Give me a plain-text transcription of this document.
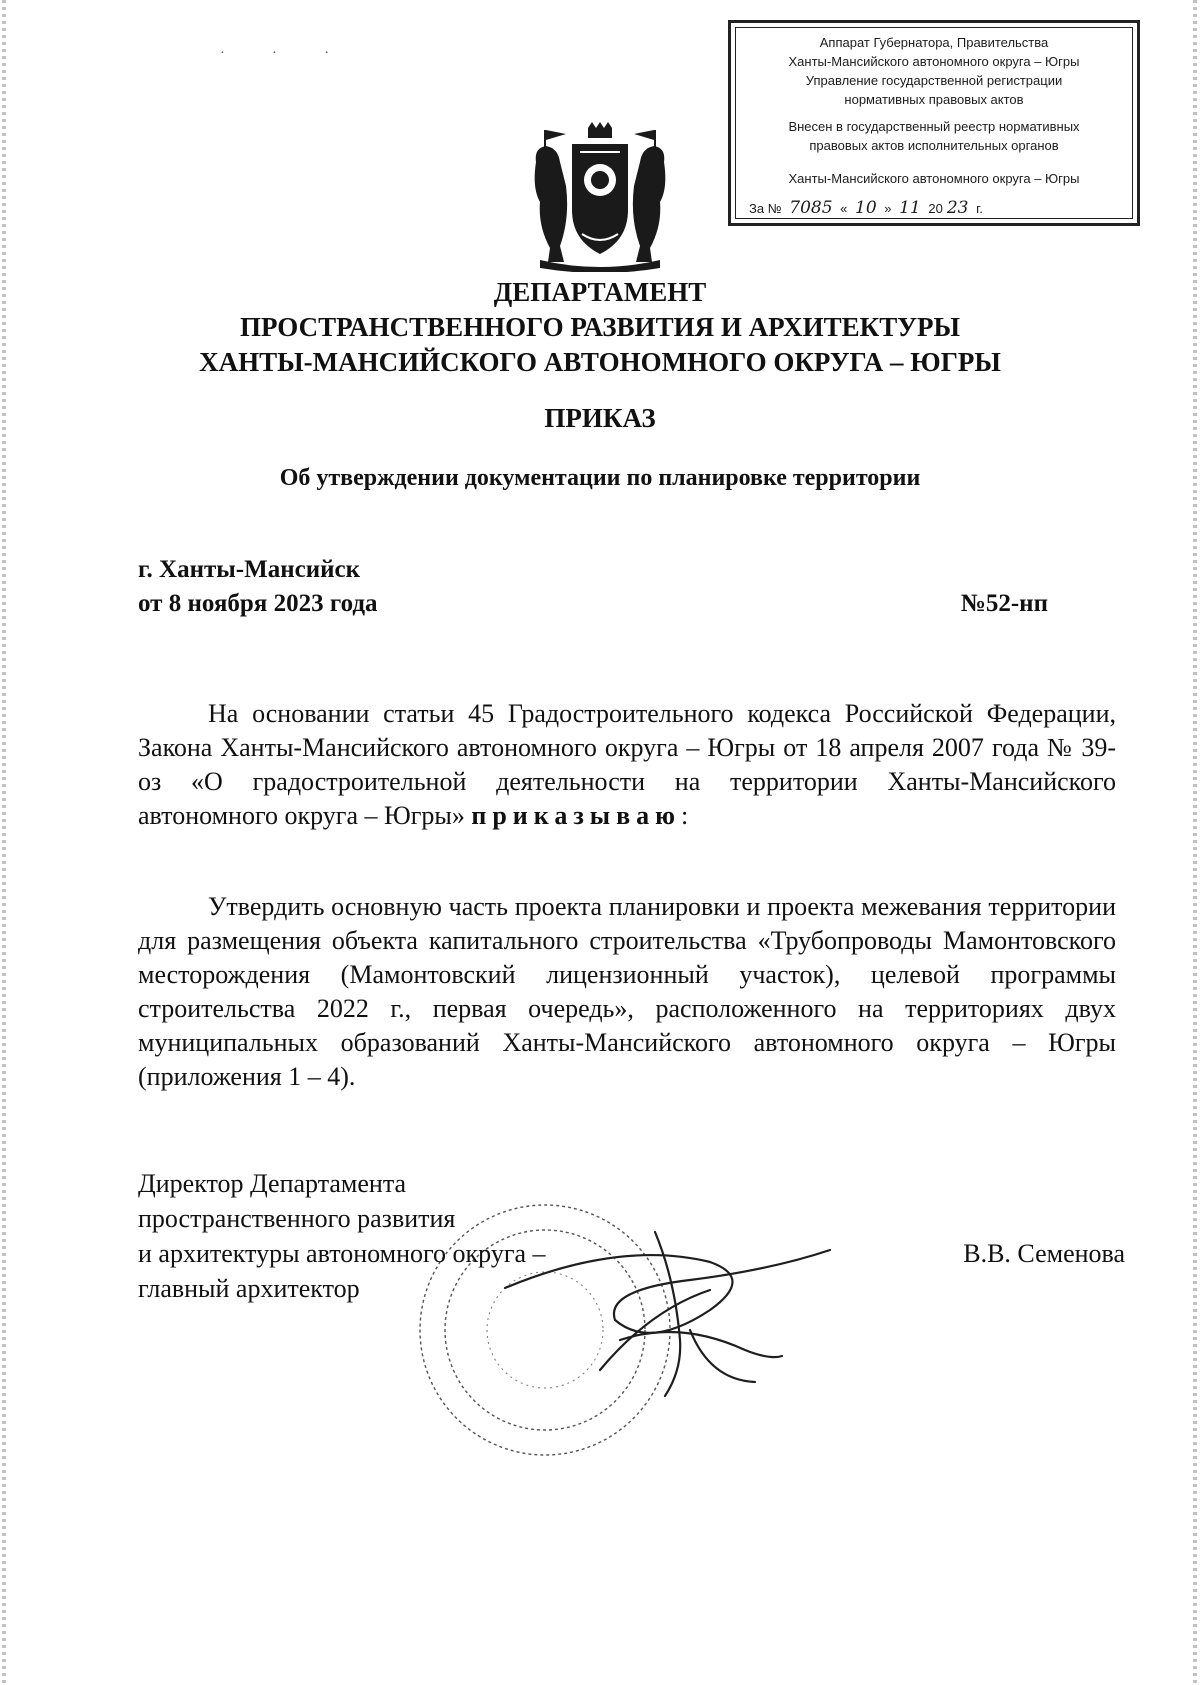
· · ·
Аппарат Губернатора, Правительства
Ханты-Мансийского автономного округа – Югры
Управление государственной регистрации
нормативных правовых актов
Внесен в государственный реестр нормативных
правовых актов исполнительных органов
Ханты-Мансийского автономного округа – Югры
За № 7085 « 10 » 11 20 23 г.
ДЕПАРТАМЕНТ
ПРОСТРАНСТВЕННОГО РАЗВИТИЯ И АРХИТЕКТУРЫ
ХАНТЫ-МАНСИЙСКОГО АВТОНОМНОГО ОКРУГА – ЮГРЫ
ПРИКАЗ
Об утверждении документации по планировке территории
г. Ханты-Мансийск
от 8 ноября 2023 года	№52-нп
На основании статьи 45 Градостроительного кодекса Российской Федерации, Закона Ханты-Мансийского автономного округа – Югры от 18 апреля 2007 года № 39-оз «О градостроительной деятельности на территории Ханты-Мансийского автономного округа – Югры» приказываю:
Утвердить основную часть проекта планировки и проекта межевания территории для размещения объекта капитального строительства «Трубопроводы Мамонтовского месторождения (Мамонтовский лицензионный участок), целевой программы строительства 2022 г., первая очередь», расположенного на территориях двух муниципальных образований Ханты-Мансийского автономного округа – Югры (приложения 1 – 4).
Директор Департамента
пространственного развития
и архитектуры автономного округа –
главный архитектор
В.В. Семенова
